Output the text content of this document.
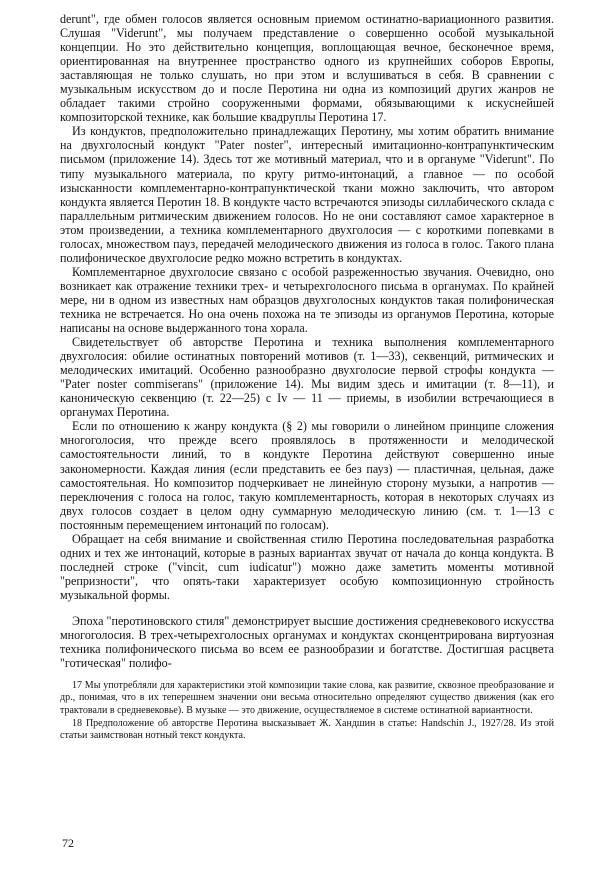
derunt", где обмен голосов является основным приемом остинатно-вариационного развития. Слушая "Viderunt", мы получаем представление о совершенно особой музыкальной концепции. Но это действительно концепция, воплощающая вечное, бесконечное время, ориентированная на внутреннее пространство одного из крупнейших соборов Европы, заставляющая не только слушать, но при этом и вслушиваться в себя. В сравнении с музыкальным искусством до и после Перотина ни одна из композиций других жанров не обладает такими стройно сооруженными формами, обязывающими к искуснейшей композиторской технике, как большие квадруплы Перотина 17.

Из кондуктов, предположительно принадлежащих Перотину, мы хотим обратить внимание на двухголосный кондукт "Pater noster", интересный имитационно-контрапунктическим письмом (приложение 14). Здесь тот же мотивный материал, что и в органуме "Viderunt". По типу музыкального материала, по кругу ритмо-интонаций, а главное — по особой изысканности комплементарно-контрапунктической ткани можно заключить, что автором кондукта является Перотин 18. В кондукте часто встречаются эпизоды силлабического склада с параллельным ритмическим движением голосов. Но не они составляют самое характерное в этом произведении, а техника комплементарного двухголосия — с короткими попевками в голосах, множеством пауз, передачей мелодического движения из голоса в голос. Такого плана полифоническое двухголосие редко можно встретить в кондуктах.

Комплементарное двухголосие связано с особой разреженностью звучания. Очевидно, оно возникает как отражение техники трех- и четырехголосного письма в органумах. По крайней мере, ни в одном из известных нам образцов двухголосных кондуктов такая полифоническая техника не встречается. Но она очень похожа на те эпизоды из органумов Перотина, которые написаны на основе выдержанного тона хорала.

Свидетельствует об авторстве Перотина и техника выполнения комплементарного двухголосия: обилие остинатных повторений мотивов (т. 1—33), секвенций, ритмических и мелодических имитаций. Особенно разнообразно двухголосие первой строфы кондукта — "Pater noster commiserans" (приложение 14). Мы видим здесь и имитации (т. 8—11), и каноническую секвенцию (т. 22—25) с Iv — 11 — приемы, в изобилии встречающиеся в органумах Перотина.

Если по отношению к жанру кондукта (§ 2) мы говорили о линейном принципе сложения многоголосия, что прежде всего проявлялось в протяженности и мелодической самостоятельности линий, то в кондукте Перотина действуют совершенно иные закономерности. Каждая линия (если представить ее без пауз) — пластичная, цельная, даже самостоятельная. Но композитор подчеркивает не линейную сторону музыки, а напротив — переключения с голоса на голос, такую комплементарность, которая в некоторых случаях из двух голосов создает в целом одну суммарную мелодическую линию (см. т. 1—13 с постоянным перемещением интонаций по голосам).

Обращает на себя внимание и свойственная стилю Перотина последовательная разработка одних и тех же интонаций, которые в разных вариантах звучат от начала до конца кондукта. В последней строке ("vincit, cum iudicatur") можно даже заметить моменты мотивной "репризности", что опять-таки характеризует особую композиционную стройность музыкальной формы.

Эпоха "перотиновского стиля" демонстрирует высшие достижения средневекового искусства многоголосия. В трех-четырехголосных органумах и кондуктах сконцентрирована виртуозная техника полифонического письма во всем ее разнообразии и богатстве. Достигшая расцвета "готическая" полифо-

17 Мы употребляли для характеристики этой композиции такие слова, как развитие, сквозное преобразование и др., понимая, что в их теперешнем значении они весьма относительно определяют существо движения (как его трактовали в средневековье). В музыке — это движение, осуществляемое в системе остинатной вариантности.

18 Предположение об авторстве Перотина высказывает Ж. Хандшин в статье: Handschin J., 1927/28. Из этой статьи заимствован нотный текст кондукта.

72
